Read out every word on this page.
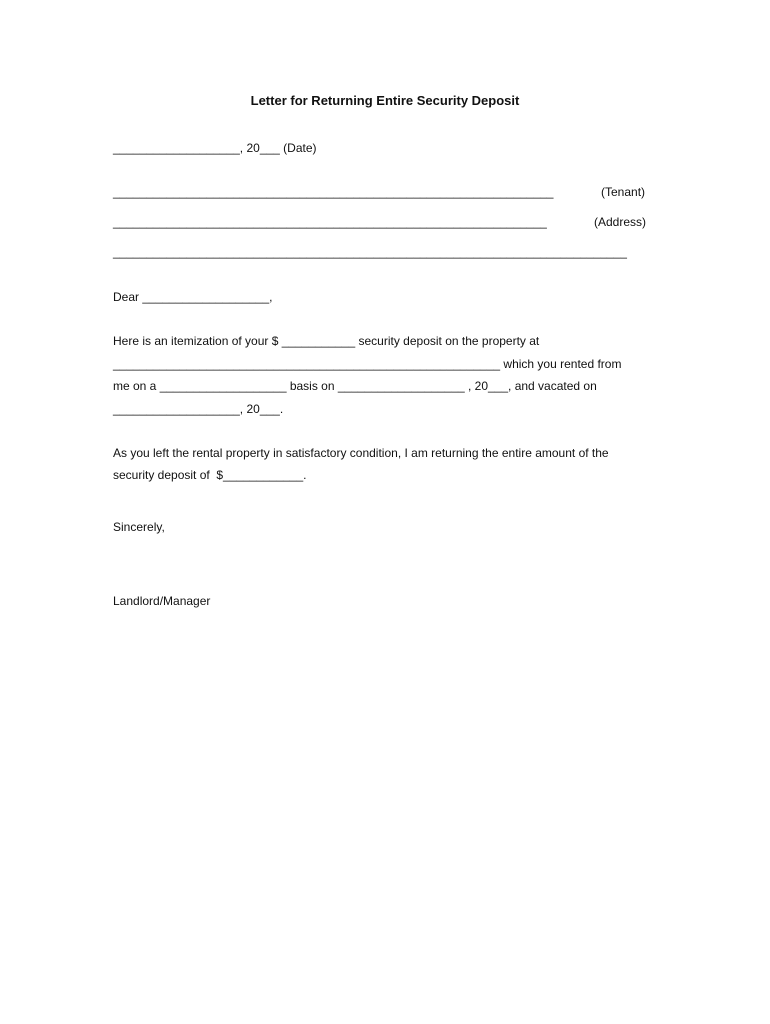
Letter for Returning Entire Security Deposit
___________________, 20___ (Date)
__________________________________________________________________	(Tenant)
_________________________________________________________________	(Address)
_____________________________________________________________________________
Dear ___________________,
Here is an itemization of your $ ___________ security deposit on the property at
__________________________________________________________ which you rented from
me on a ___________________ basis on ___________________ , 20___, and vacated on
___________________, 20___.
As you left the rental property in satisfactory condition, I am returning the entire amount of the
security deposit of  $____________.
Sincerely,
Landlord/Manager
